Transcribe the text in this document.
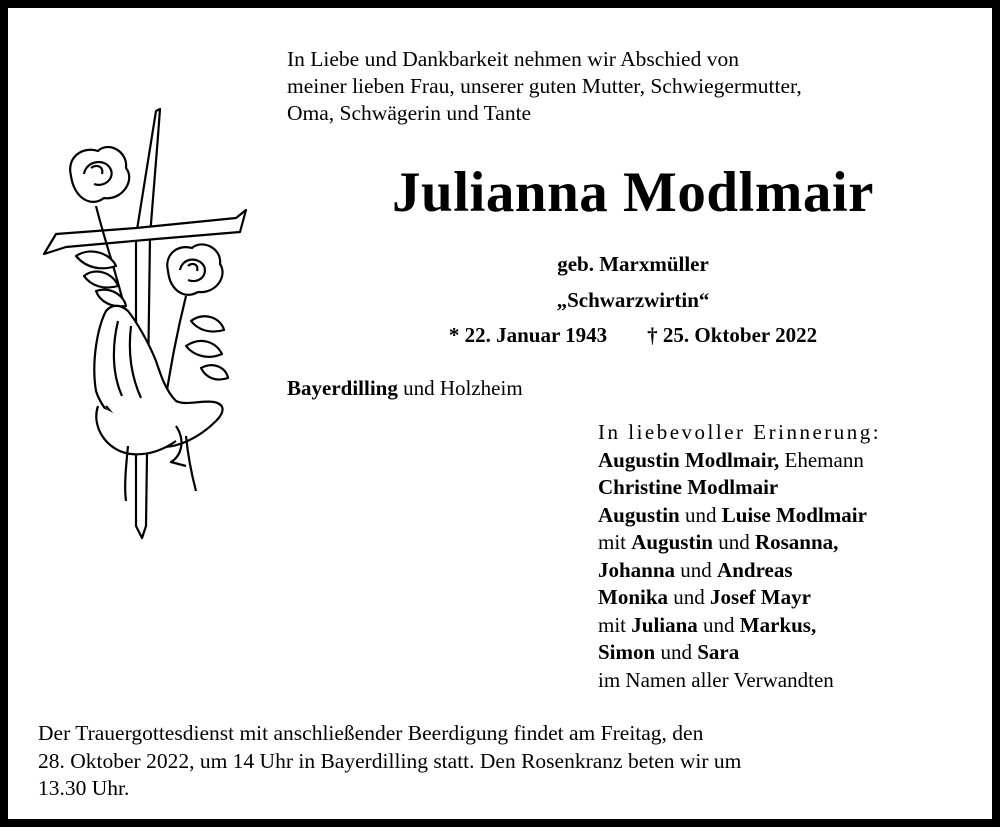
In Liebe und Dankbarkeit nehmen wir Abschied von
meiner lieben Frau, unserer guten Mutter, Schwiegermutter,
Oma, Schwägerin und Tante

Julianna Modlmair

geb. Marxmüller

„Schwarzwirtin“

* 22. Januar 1943 † 25. Oktober 2022

Bayerdilling und Holzheim

In liebevoller Erinnerung:
Augustin Modlmair, Ehemann
Christine Modlmair
Augustin und Luise Modlmair
mit Augustin und Rosanna,
Johanna und Andreas
Monika und Josef Mayr
mit Juliana und Markus,
Simon und Sara
im Namen aller Verwandten

Der Trauergottesdienst mit anschließender Beerdigung findet am Freitag, den
28. Oktober 2022, um 14 Uhr in Bayerdilling statt. Den Rosenkranz beten wir um
13.30 Uhr.
